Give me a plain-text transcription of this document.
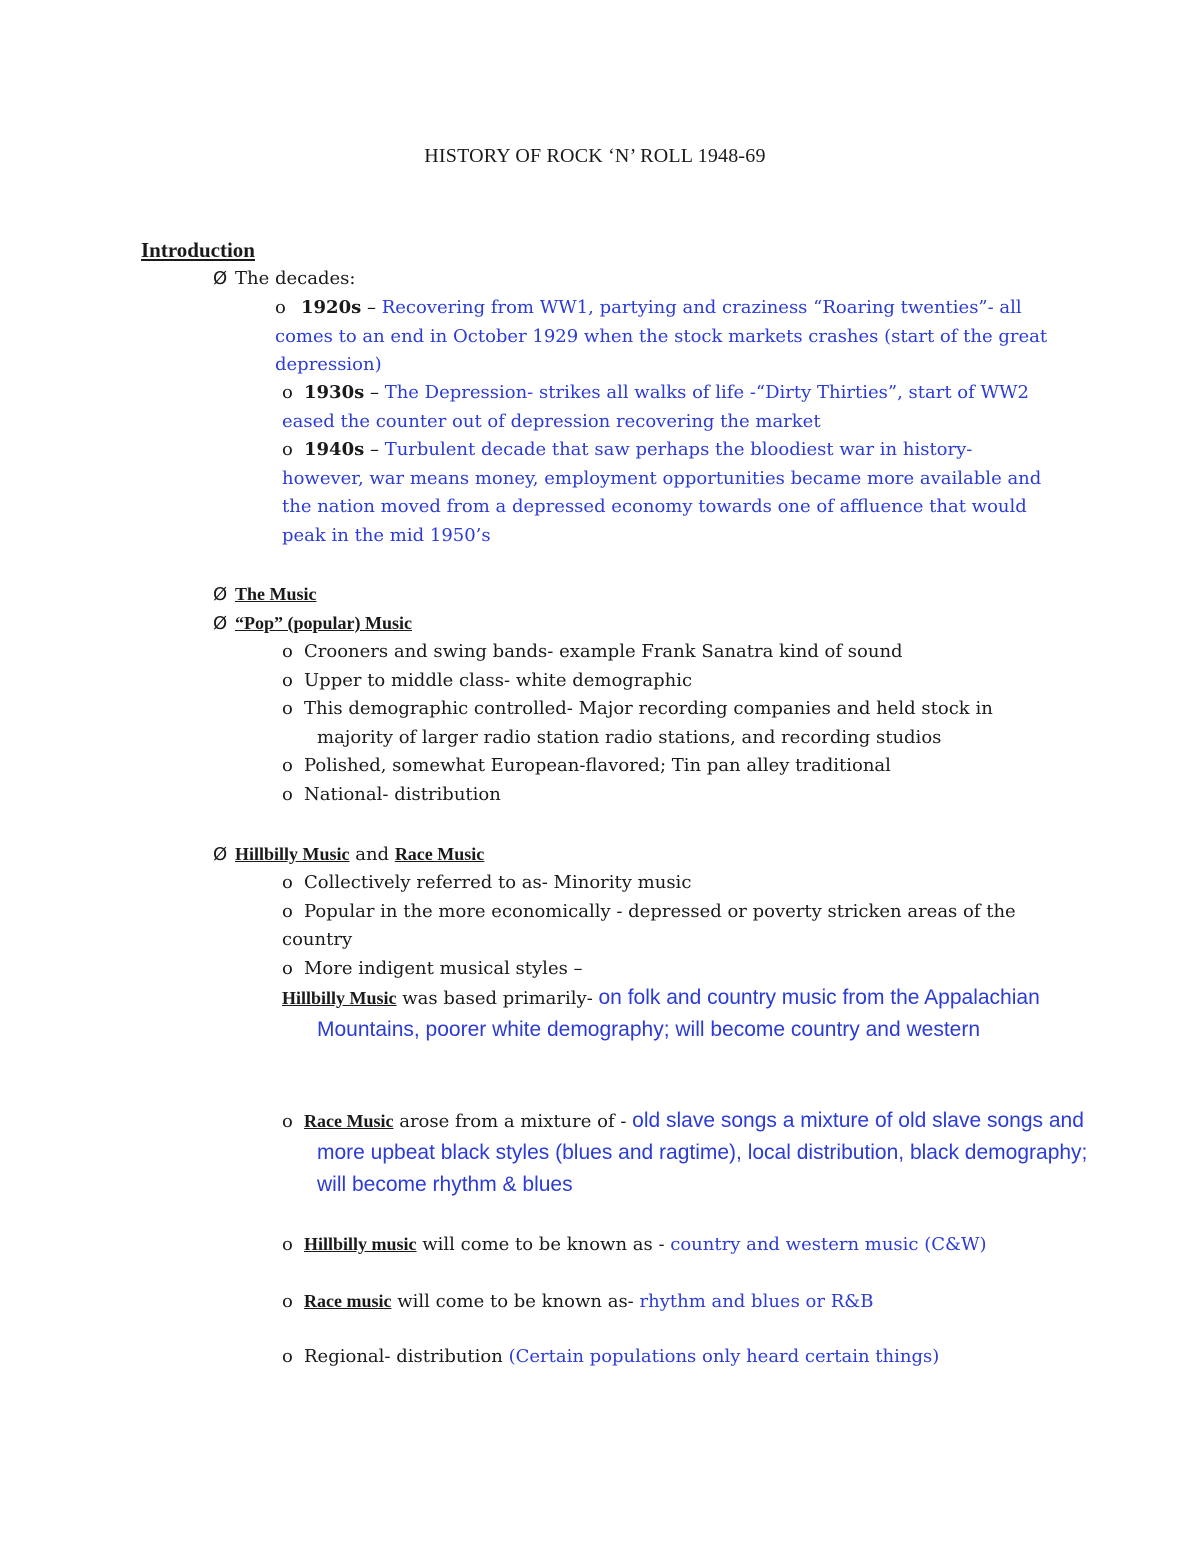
HISTORY OF ROCK ‘N’ ROLL 1948-69
Introduction
Ø The decades:
o 1920s – Recovering from WW1, partying and craziness “Roaring twenties”- all comes to an end in October 1929 when the stock markets crashes (start of the great depression)
o 1930s – The Depression- strikes all walks of life -“Dirty Thirties”, start of WW2 eased the counter out of depression recovering the market
o 1940s – Turbulent decade that saw perhaps the bloodiest war in history- however, war means money, employment opportunities became more available and the nation moved from a depressed economy towards one of affluence that would peak in the mid 1950’s
Ø The Music
Ø “Pop” (popular) Music
o Crooners and swing bands- example Frank Sanatra kind of sound
o Upper to middle class- white demographic
o This demographic controlled- Major recording companies and held stock in majority of larger radio station radio stations, and recording studios
o Polished, somewhat European-flavored; Tin pan alley traditional
o National- distribution
Ø Hillbilly Music and Race Music
o Collectively referred to as- Minority music
o Popular in the more economically - depressed or poverty stricken areas of the country
o More indigent musical styles –
Hillbilly Music was based primarily- on folk and country music from the Appalachian Mountains, poorer white demography; will become country and western
o Race Music arose from a mixture of - old slave songs a mixture of old slave songs and more upbeat black styles (blues and ragtime), local distribution, black demography; will become rhythm & blues
o Hillbilly music will come to be known as - country and western music (C&W)
o Race music will come to be known as- rhythm and blues or R&B
o Regional- distribution (Certain populations only heard certain things)
